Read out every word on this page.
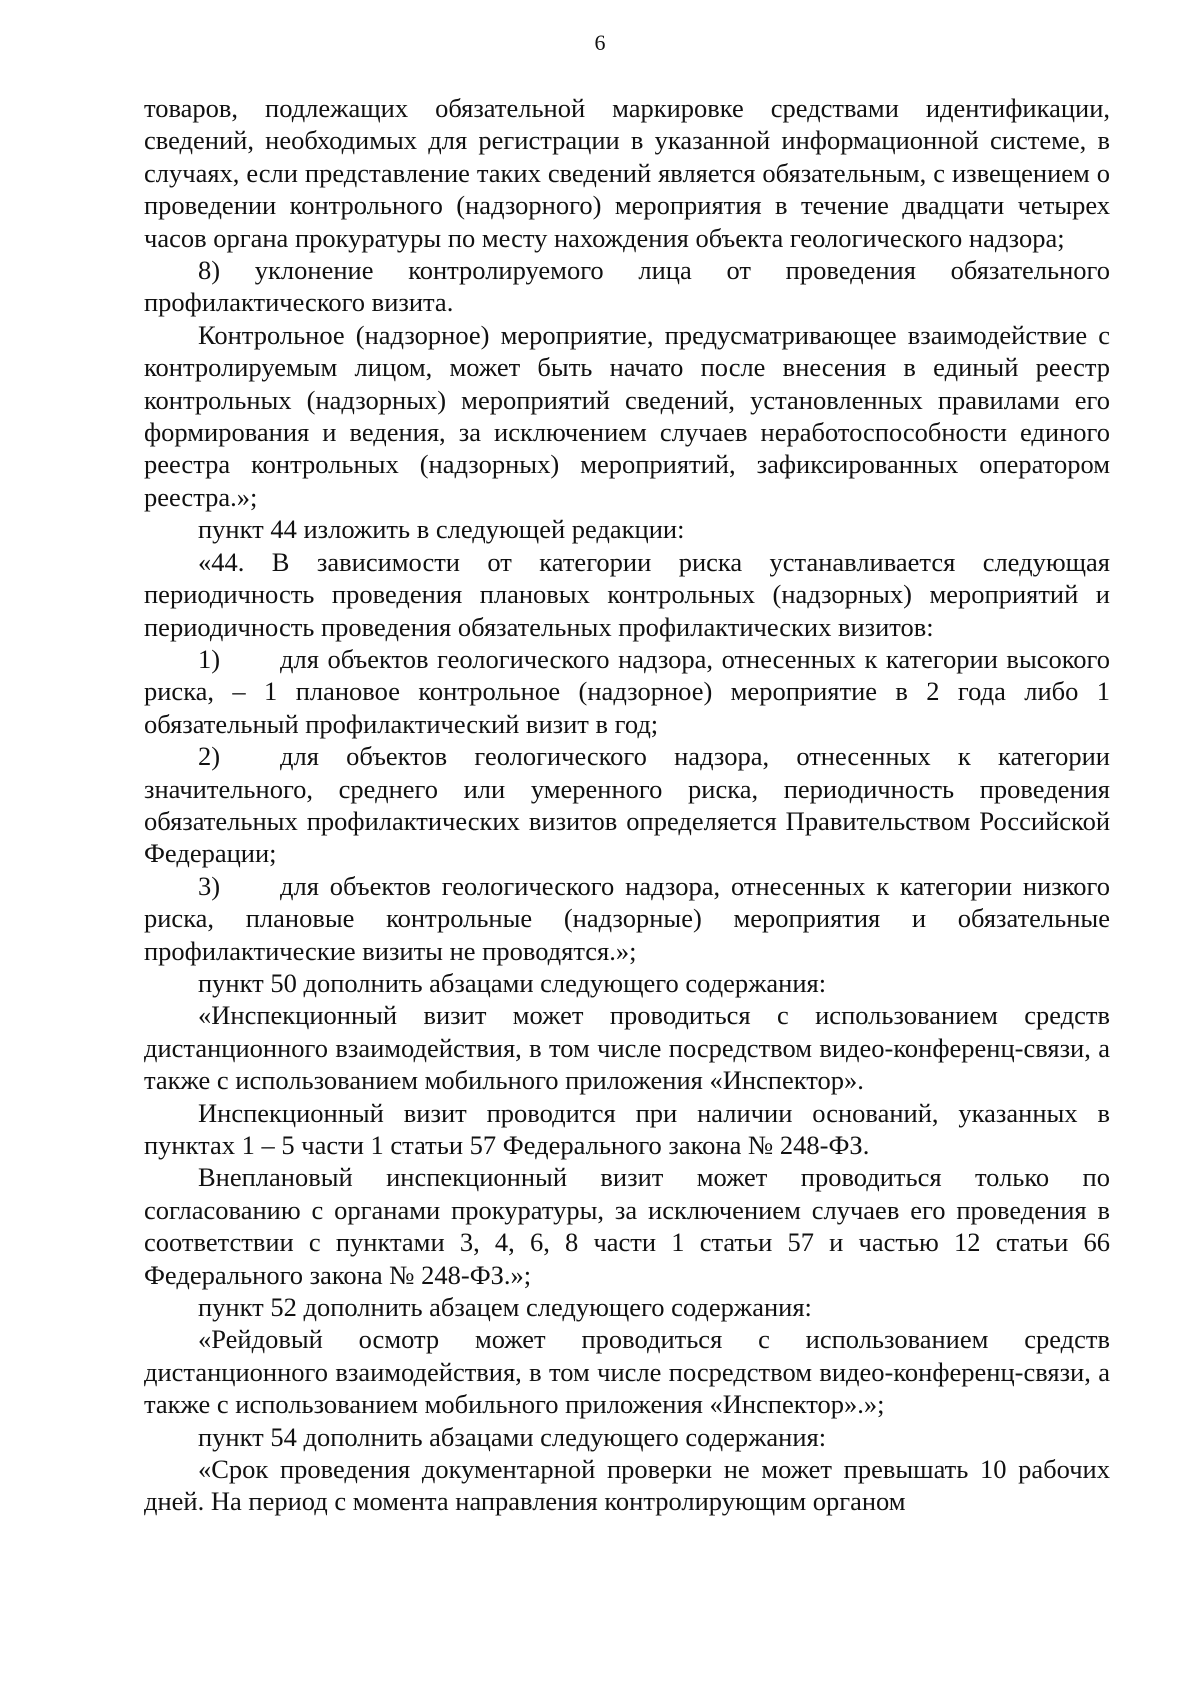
6

товаров, подлежащих обязательной маркировке средствами идентификации, сведений, необходимых для регистрации в указанной информационной системе, в случаях, если представление таких сведений является обязательным, с извещением о проведении контрольного (надзорного) мероприятия в течение двадцати четырех часов органа прокуратуры по месту нахождения объекта геологического надзора;

8) уклонение контролируемого лица от проведения обязательного профилактического визита.

Контрольное (надзорное) мероприятие, предусматривающее взаимодействие с контролируемым лицом, может быть начато после внесения в единый реестр контрольных (надзорных) мероприятий сведений, установленных правилами его формирования и ведения, за исключением случаев неработоспособности единого реестра контрольных (надзорных) мероприятий, зафиксированных оператором реестра.»;

пункт 44 изложить в следующей редакции:

«44. В зависимости от категории риска устанавливается следующая периодичность проведения плановых контрольных (надзорных) мероприятий и периодичность проведения обязательных профилактических визитов:

1) для объектов геологического надзора, отнесенных к категории высокого риска, – 1 плановое контрольное (надзорное) мероприятие в 2 года либо 1 обязательный профилактический визит в год;

2) для объектов геологического надзора, отнесенных к категории значительного, среднего или умеренного риска, периодичность проведения обязательных профилактических визитов определяется Правительством Российской Федерации;

3) для объектов геологического надзора, отнесенных к категории низкого риска, плановые контрольные (надзорные) мероприятия и обязательные профилактические визиты не проводятся.»;

пункт 50 дополнить абзацами следующего содержания:

«Инспекционный визит может проводиться с использованием средств дистанционного взаимодействия, в том числе посредством видео-конференц-связи, а также с использованием мобильного приложения «Инспектор».

Инспекционный визит проводится при наличии оснований, указанных в пунктах 1 – 5 части 1 статьи 57 Федерального закона № 248-ФЗ.

Внеплановый инспекционный визит может проводиться только по согласованию с органами прокуратуры, за исключением случаев его проведения в соответствии с пунктами 3, 4, 6, 8 части 1 статьи 57 и частью 12 статьи 66 Федерального закона № 248-ФЗ.»;

пункт 52 дополнить абзацем следующего содержания:

«Рейдовый осмотр может проводиться с использованием средств дистанционного взаимодействия, в том числе посредством видео-конференц-связи, а также с использованием мобильного приложения «Инспектор».»;

пункт 54 дополнить абзацами следующего содержания:

«Срок проведения документарной проверки не может превышать 10 рабочих дней. На период с момента направления контролирующим органом
